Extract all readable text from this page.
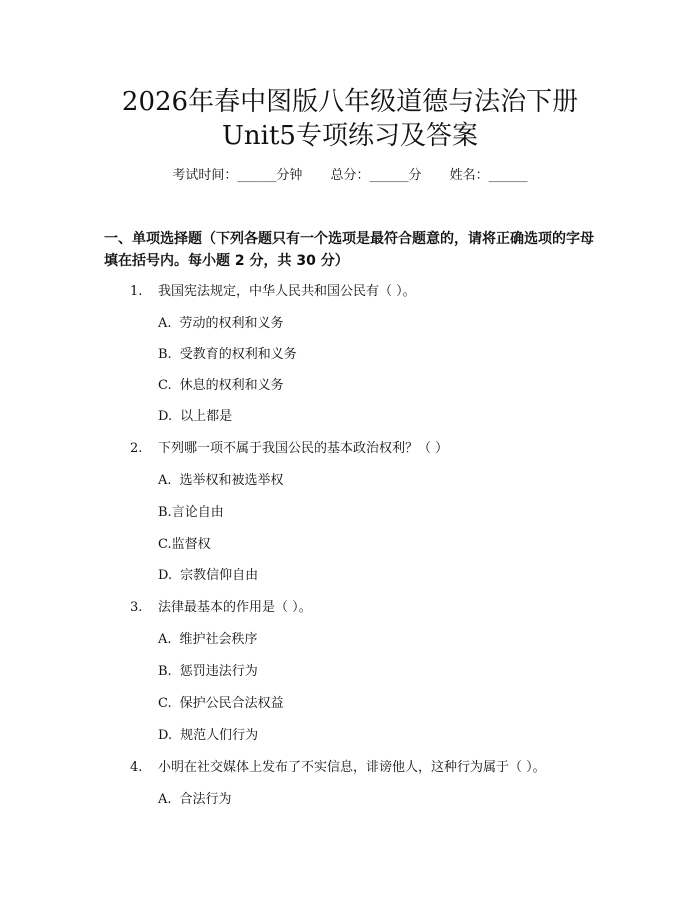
2026年春中图版八年级道德与法治下册
Unit5专项练习及答案
考试时间：______分钟 总分：______分 姓名：______
一、单项选择题（下列各题只有一个选项是最符合题意的，请将正确选项的字母
填在括号内。每小题 2 分，共 30 分）
1. 我国宪法规定，中华人民共和国公民有（ ）。
A. 劳动的权利和义务
B. 受教育的权利和义务
C. 休息的权利和义务
D. 以上都是
2. 下列哪一项不属于我国公民的基本政治权利？（ ）
A. 选举权和被选举权
B.言论自由
C.监督权
D. 宗教信仰自由
3. 法律最基本的作用是（ ）。
A. 维护社会秩序
B. 惩罚违法行为
C. 保护公民合法权益
D. 规范人们行为
4. 小明在社交媒体上发布了不实信息，诽谤他人，这种行为属于（ ）。
A. 合法行为
